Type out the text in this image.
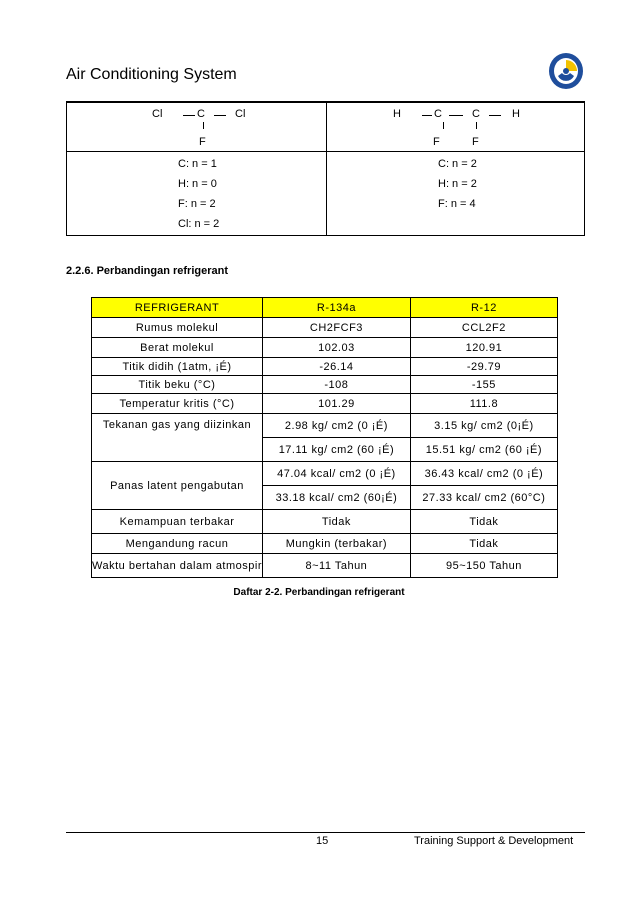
Air Conditioning System
Cl	C	Cl
F
H	C	C	H
F	F
C: n = 1
H: n = 0
F: n = 2
Cl: n = 2
C: n = 2
H: n = 2
F: n = 4
2.2.6. Perbandingan refrigerant
REFRIGERANT	R-134a	R-12
Rumus molekul	CH2FCF3	CCL2F2
Berat molekul	102.03	120.91
Titik didih (1atm, ¡É)	-26.14	-29.79
Titik beku (°C)	-108	-155
Temperatur kritis (°C)	101.29	111.8
Tekanan gas yang diizinkan	2.98 kg/ cm2 (0 ¡É)	3.15 kg/ cm2 (0¡É)
	17.11 kg/ cm2 (60 ¡É)	15.51 kg/ cm2 (60 ¡É)
Panas latent pengabutan	47.04 kcal/ cm2 (0 ¡É)	36.43 kcal/ cm2 (0 ¡É)
	33.18 kcal/ cm2 (60¡É)	27.33 kcal/ cm2 (60°C)
Kemampuan terbakar	Tidak	Tidak
Mengandung racun	Mungkin (terbakar)	Tidak
Waktu bertahan dalam atmospir	8~11 Tahun	95~150 Tahun
Daftar 2-2. Perbandingan refrigerant
15	Training Support & Development
